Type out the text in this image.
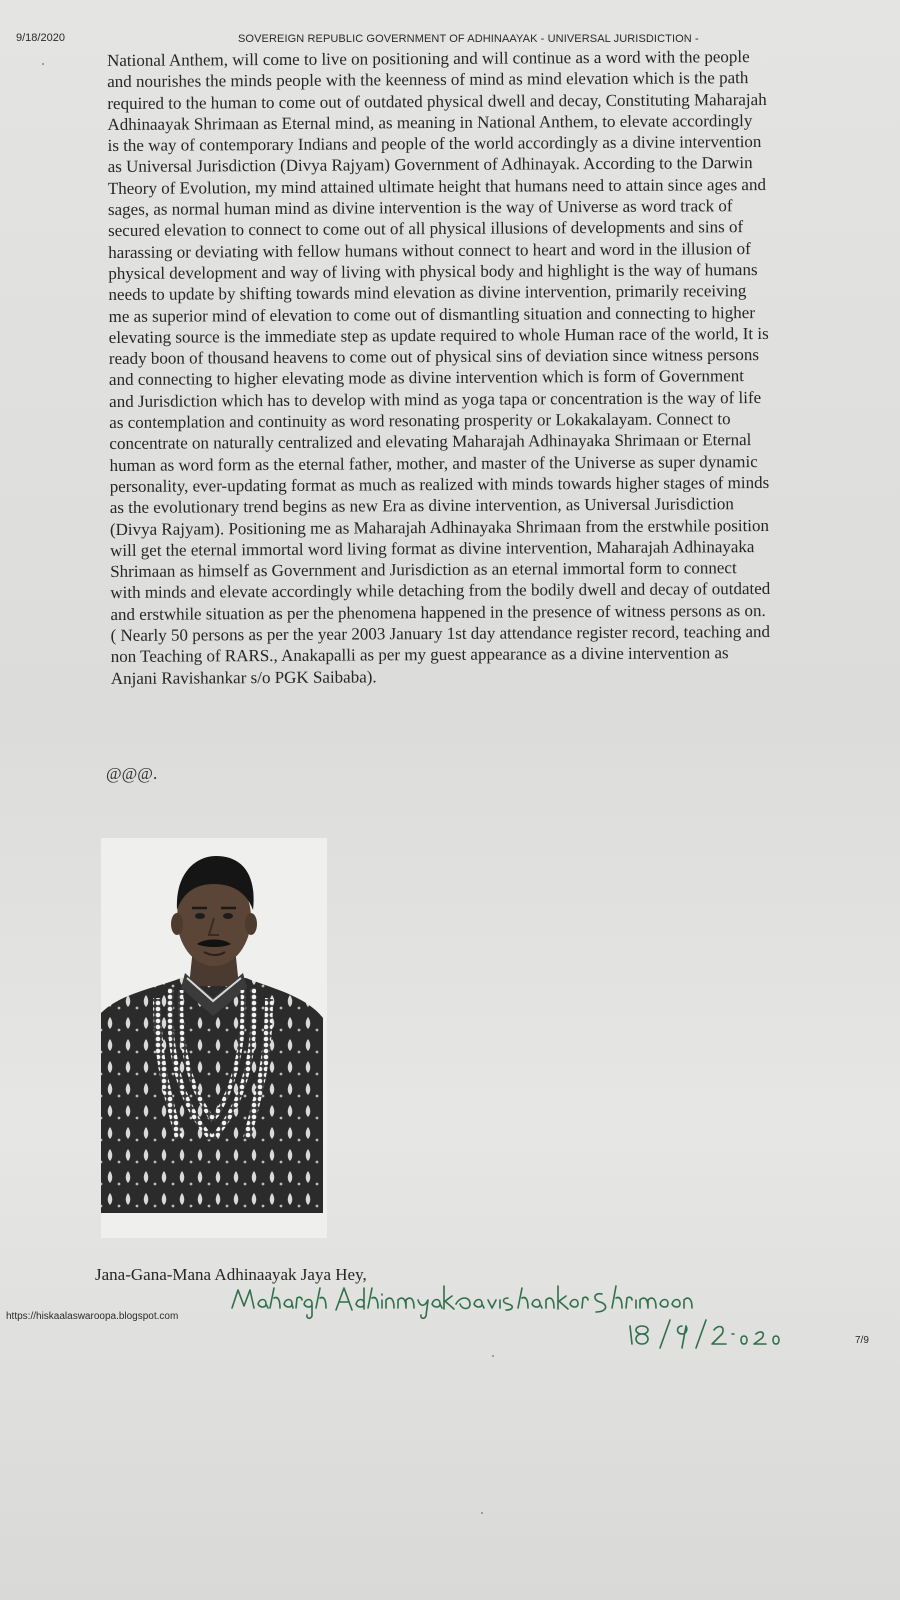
9/18/2020	SOVEREIGN REPUBLIC GOVERNMENT OF ADHINAAYAK - UNIVERSAL JURISDICTION -
National Anthem, will come to live on positioning and will continue as a word with the people
and nourishes the minds people with the keenness of mind as mind elevation which is the path
required to the human to come out of outdated physical dwell and decay, Constituting Maharajah
Adhinaayak Shrimaan as Eternal mind, as meaning in National Anthem, to elevate accordingly
is the way of contemporary Indians and people of the world accordingly as a divine intervention
as Universal Jurisdiction (Divya Rajyam) Government of Adhinayak. According to the Darwin
Theory of Evolution, my mind attained ultimate height that humans need to attain since ages and
sages, as normal human mind as divine intervention is the way of Universe as word track of
secured elevation to connect to come out of all physical illusions of developments and sins of
harassing or deviating with fellow humans without connect to heart and word in the illusion of
physical development and way of living with physical body and highlight is the way of humans
needs to update by shifting towards mind elevation as divine intervention, primarily receiving
me as superior mind of elevation to come out of dismantling situation and connecting to higher
elevating source is the immediate step as update required to whole Human race of the world, It is
ready boon of thousand heavens to come out of physical sins of deviation since witness persons
and connecting to higher elevating mode as divine intervention which is form of Government
and Jurisdiction which has to develop with mind as yoga tapa or concentration is the way of life
as contemplation and continuity as word resonating prosperity or Lokakalayam. Connect to
concentrate on naturally centralized and elevating Maharajah Adhinayaka Shrimaan or Eternal
human as word form as the eternal father, mother, and master of the Universe as super dynamic
personality, ever-updating format as much as realized with minds towards higher stages of minds
as the evolutionary trend begins as new Era as divine intervention, as Universal Jurisdiction
(Divya Rajyam). Positioning me as Maharajah Adhinayaka Shrimaan from the erstwhile position
will get the eternal immortal word living format as divine intervention, Maharajah Adhinayaka
Shrimaan as himself as Government and Jurisdiction as an eternal immortal form to connect
with minds and elevate accordingly while detaching from the bodily dwell and decay of outdated
and erstwhile situation as per the phenomena happened in the presence of witness persons as on.
( Nearly 50 persons as per the year 2003 January 1st day attendance register record, teaching and
non Teaching of RARS., Anakapalli as per my guest appearance as a divine intervention as
Anjani Ravishankar s/o PGK Saibaba).
@@@.
Jana-Gana-Mana Adhinaayak Jaya Hey,
https://hiskaalaswaroopa.blogspot.com
7/9
